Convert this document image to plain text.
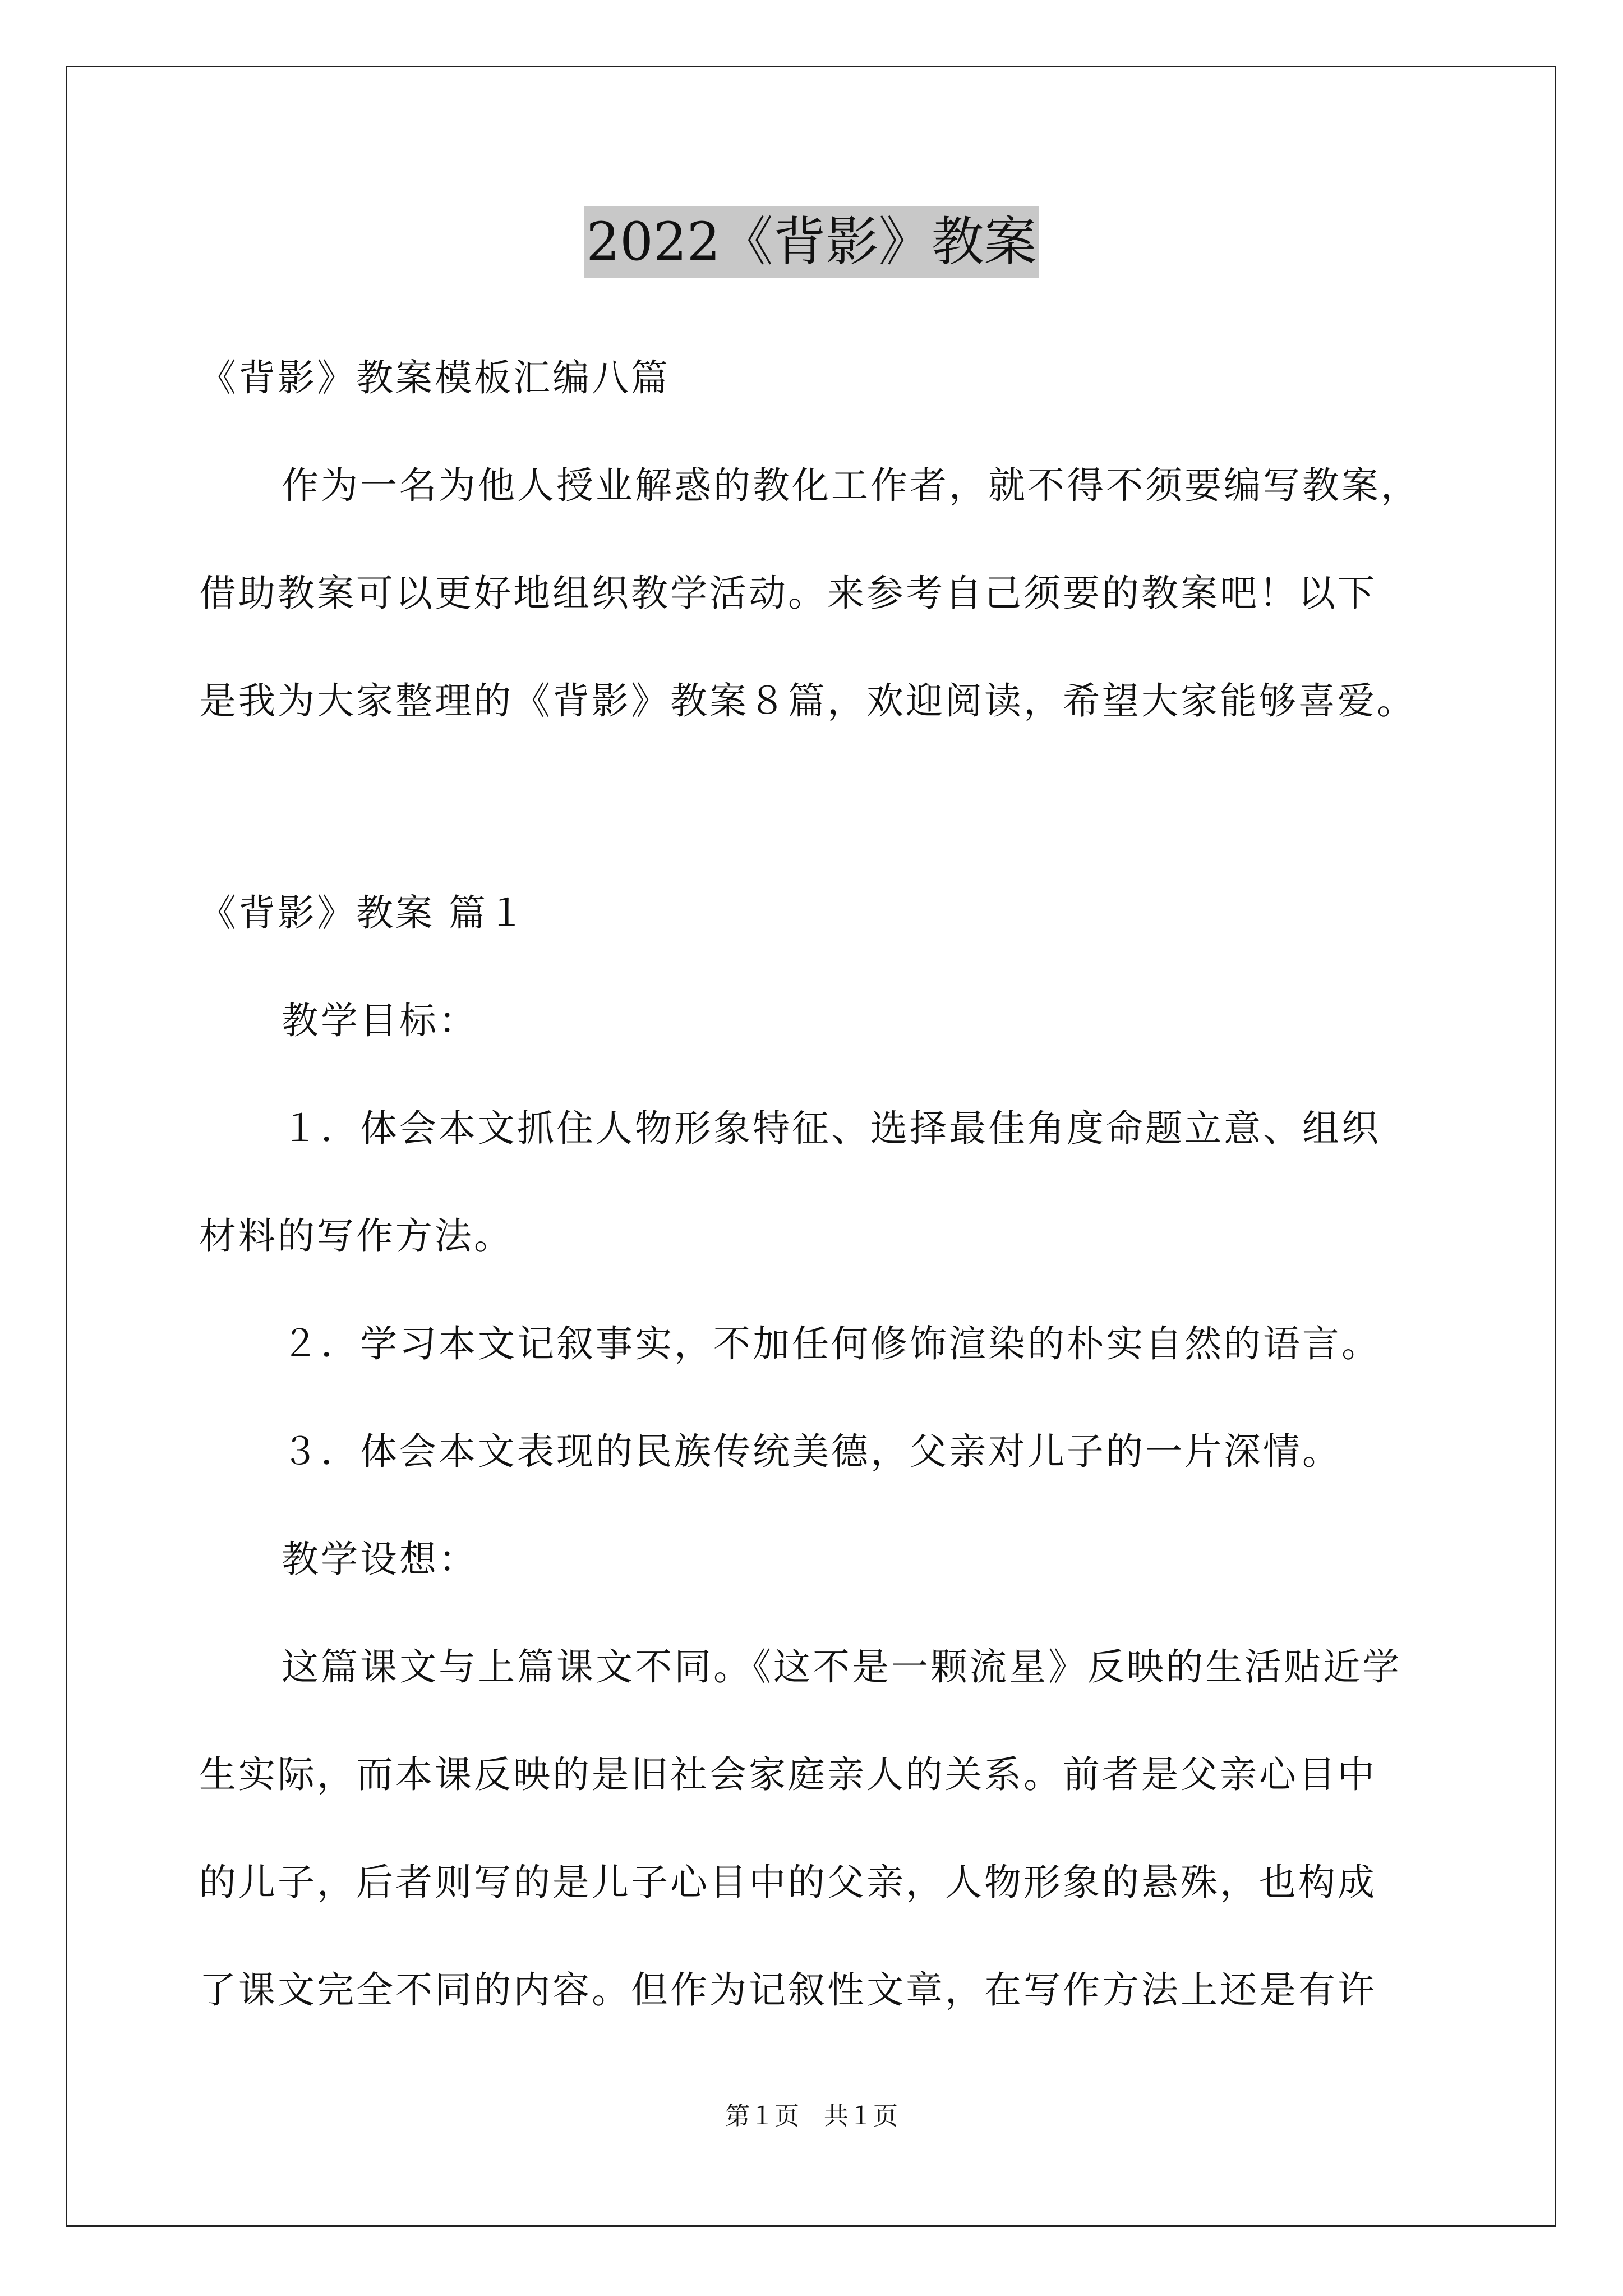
2022《背影》教案
《背影》教案模板汇编八篇
作为一名为他人授业解惑的教化工作者，就不得不须要编写教案，
借助教案可以更好地组织教学活动。来参考自己须要的教案吧！以下
是我为大家整理的《背影》教案８篇，欢迎阅读，希望大家能够喜爱。
《背影》教案 篇１
教学目标：
１．体会本文抓住人物形象特征、选择最佳角度命题立意、组织
材料的写作方法。
２．学习本文记叙事实，不加任何修饰渲染的朴实自然的语言。
３．体会本文表现的民族传统美德，父亲对儿子的一片深情。
教学设想：
这篇课文与上篇课文不同。《这不是一颗流星》反映的生活贴近学
生实际，而本课反映的是旧社会家庭亲人的关系。前者是父亲心目中
的儿子，后者则写的是儿子心目中的父亲，人物形象的悬殊，也构成
了课文完全不同的内容。但作为记叙性文章，在写作方法上还是有许
第１页　共１页
